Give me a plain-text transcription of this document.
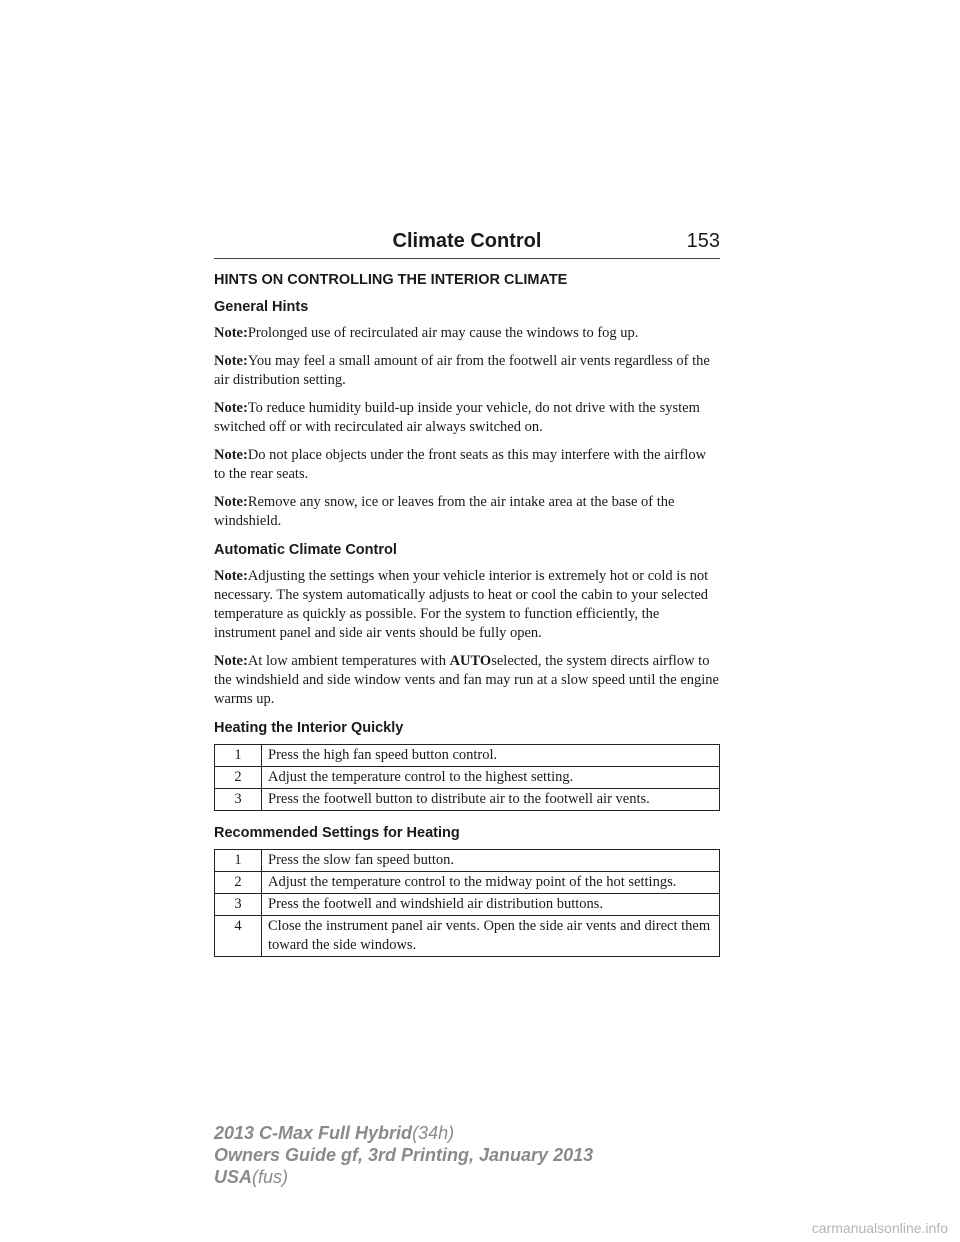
Climate Control	153
HINTS ON CONTROLLING THE INTERIOR CLIMATE
General Hints

Note:Prolonged use of recirculated air may cause the windows to fog up.

Note:You may feel a small amount of air from the footwell air vents regardless of the air distribution setting.

Note:To reduce humidity build-up inside your vehicle, do not drive with the system switched off or with recirculated air always switched on.

Note:Do not place objects under the front seats as this may interfere with the airflow to the rear seats.

Note:Remove any snow, ice or leaves from the air intake area at the base of the windshield.

Automatic Climate Control

Note:Adjusting the settings when your vehicle interior is extremely hot or cold is not necessary. The system automatically adjusts to heat or cool the cabin to your selected temperature as quickly as possible. For the system to function efficiently, the instrument panel and side air vents should be fully open.

Note:At low ambient temperatures with AUTOselected, the system directs airflow to the windshield and side window vents and fan may run at a slow speed until the engine warms up.

Heating the Interior Quickly
1	Press the high fan speed button control.
2	Adjust the temperature control to the highest setting.
3	Press the footwell button to distribute air to the footwell air vents.
Recommended Settings for Heating
1	Press the slow fan speed button.
2	Adjust the temperature control to the midway point of the hot settings.
3	Press the footwell and windshield air distribution buttons.
4	Close the instrument panel air vents. Open the side air vents and direct them toward the side windows.
2013 C-Max Full Hybrid(34h)
Owners Guide gf, 3rd Printing, January 2013
USA(fus)
carmanualsonline.info
